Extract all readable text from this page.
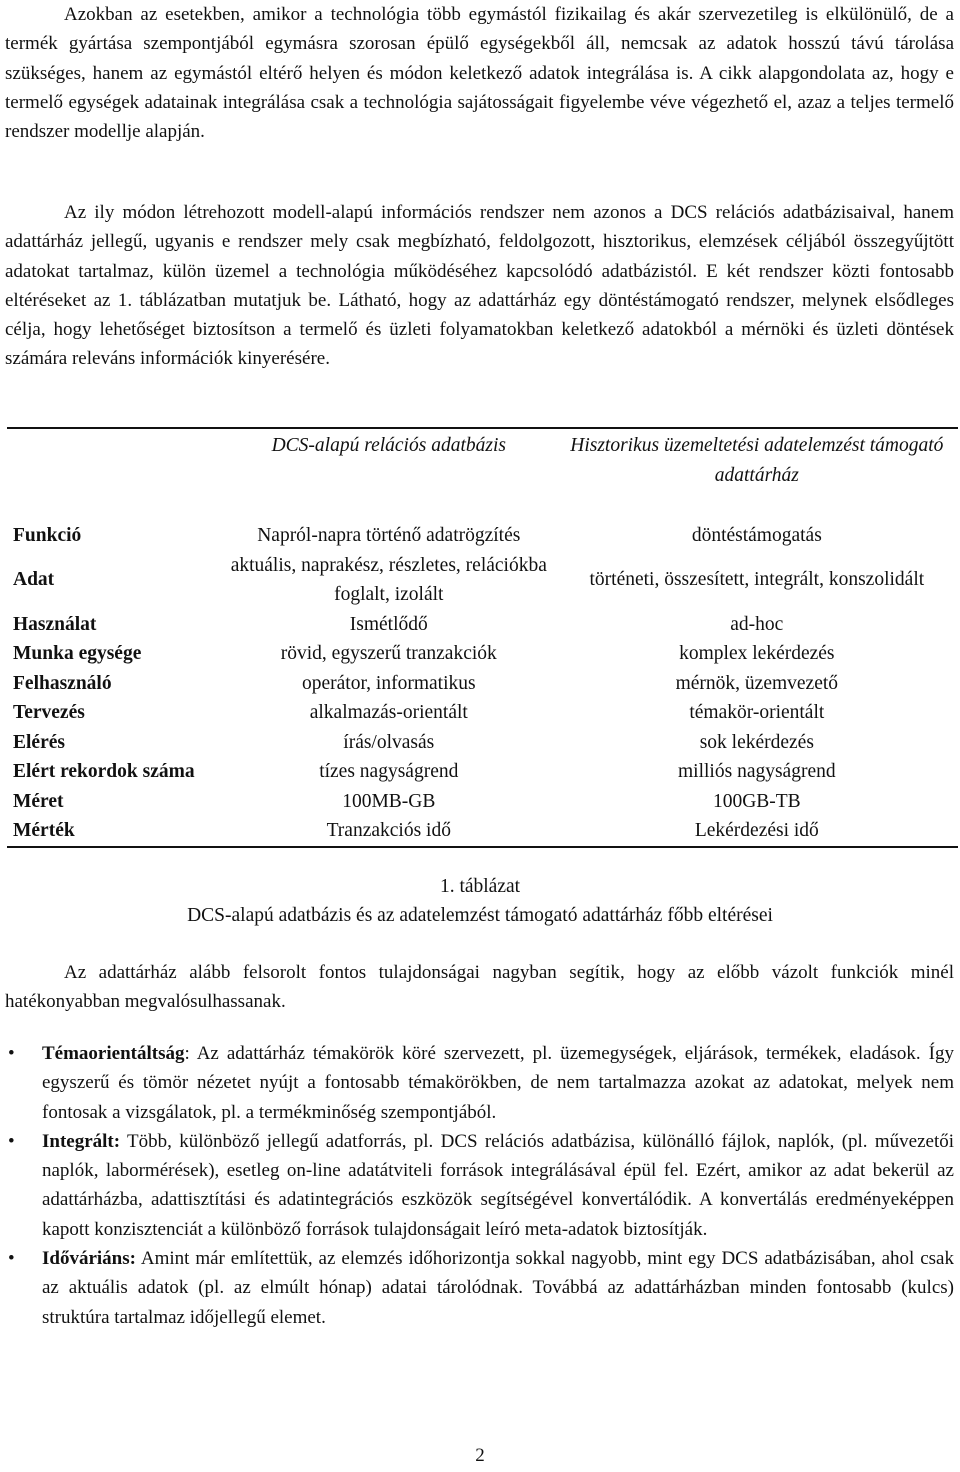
Azokban az esetekben, amikor a technológia több egymástól fizikailag és akár szervezetileg is elkülönülő, de a termék gyártása szempontjából egymásra szorosan épülő egységekből áll, nemcsak az adatok hosszú távú tárolása szükséges, hanem az egymástól eltérő helyen és módon keletkező adatok integrálása is. A cikk alapgondolata az, hogy e termelő egységek adatainak integrálása csak a technológia sajátosságait figyelembe véve végezhető el, azaz a teljes termelő rendszer modellje alapján.

Az ily módon létrehozott modell-alapú információs rendszer nem azonos a DCS relációs adatbázisaival, hanem adattárház jellegű, ugyanis e rendszer mely csak megbízható, feldolgozott, hisztorikus, elemzések céljából összegyűjtött adatokat tartalmaz, külön üzemel a technológia működéséhez kapcsolódó adatbázistól. E két rendszer közti fontosabb eltéréseket az 1. táblázatban mutatjuk be. Látható, hogy az adattárház egy döntéstámogató rendszer, melynek elsődleges célja, hogy lehetőséget biztosítson a termelő és üzleti folyamatokban keletkező adatokból a mérnöki és üzleti döntések számára releváns információk kinyerésére.

	DCS-alapú relációs adatbázis	Hisztorikus üzemeltetési adatelemzést támogató adattárház
Funkció	Napról-napra történő adatrögzítés	döntéstámogatás
Adat	aktuális, naprakész, részletes, relációkba foglalt, izolált	történeti, összesített, integrált, konszolidált
Használat	Ismétlődő	ad-hoc
Munka egysége	rövid, egyszerű tranzakciók	komplex lekérdezés
Felhasználó	operátor, informatikus	mérnök, üzemvezető
Tervezés	alkalmazás-orientált	témakör-orientált
Elérés	írás/olvasás	sok lekérdezés
Elért rekordok száma	tízes nagyságrend	milliós nagyságrend
Méret	100MB-GB	100GB-TB
Mérték	Tranzakciós idő	Lekérdezési idő
1. táblázat
DCS-alapú adatbázis és az adatelemzést támogató adattárház főbb eltérései

Az adattárház alább felsorolt fontos tulajdonságai nagyban segítik, hogy az előbb vázolt funkciók minél hatékonyabban megvalósulhassanak.

• Témaorientáltság: Az adattárház témakörök köré szervezett, pl. üzemegységek, eljárások, termékek, eladások. Így egyszerű és tömör nézetet nyújt a fontosabb témakörökben, de nem tartalmazza azokat az adatokat, melyek nem fontosak a vizsgálatok, pl. a termékminőség szempontjából.
• Integrált: Több, különböző jellegű adatforrás, pl. DCS relációs adatbázisa, különálló fájlok, naplók, (pl. művezetői naplók, labormérések), esetleg on-line adatátviteli források integrálásával épül fel. Ezért, amikor az adat bekerül az adattárházba, adattisztítási és adatintegrációs eszközök segítségével konvertálódik. A konvertálás eredményeképpen kapott konzisztenciát a különböző források tulajdonságait leíró meta-adatok biztosítják.
• Időváriáns: Amint már említettük, az elemzés időhorizontja sokkal nagyobb, mint egy DCS adatbázisában, ahol csak az aktuális adatok (pl. az elmúlt hónap) adatai tárolódnak. Továbbá az adattárházban minden fontosabb (kulcs) struktúra tartalmaz időjellegű elemet.
2
